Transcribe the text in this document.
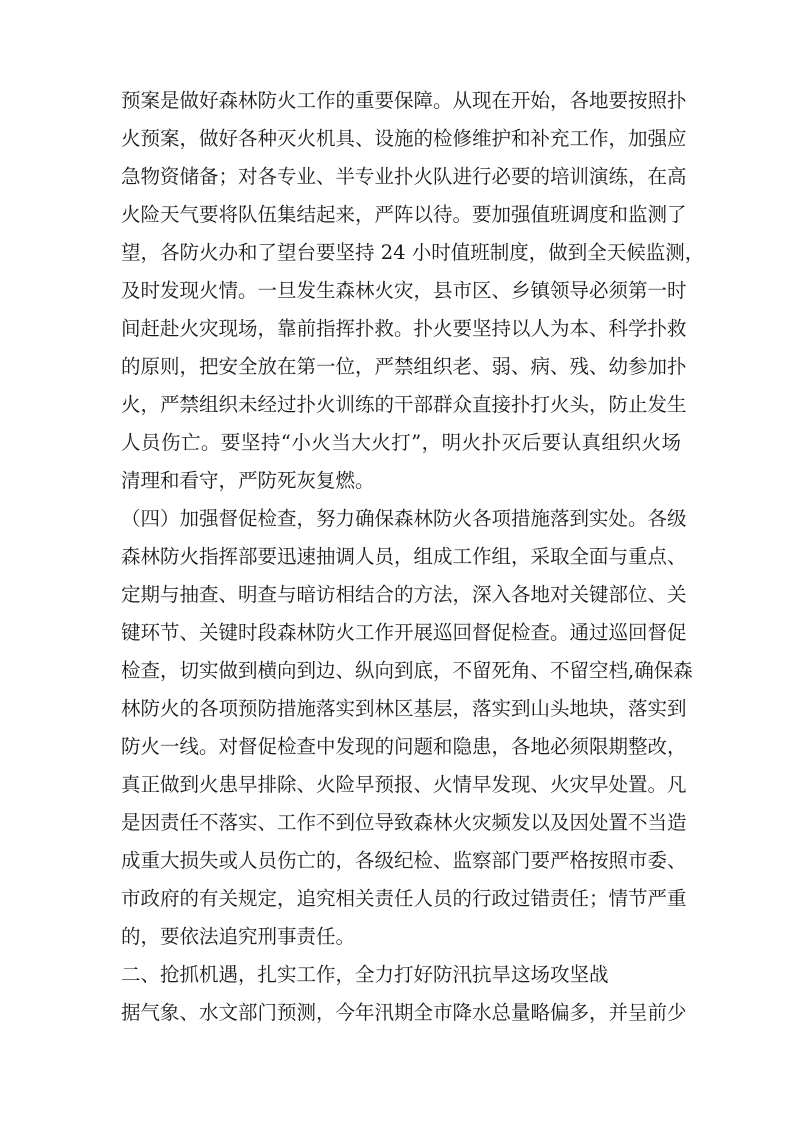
预案是做好森林防火工作的重要保障。从现在开始，各地要按照扑
火预案，做好各种灭火机具、设施的检修维护和补充工作，加强应
急物资储备；对各专业、半专业扑火队进行必要的培训演练，在高
火险天气要将队伍集结起来，严阵以待。要加强值班调度和监测了
望，各防火办和了望台要坚持 24 小时值班制度，做到全天候监测，
及时发现火情。一旦发生森林火灾，县市区、乡镇领导必须第一时
间赶赴火灾现场，靠前指挥扑救。扑火要坚持以人为本、科学扑救
的原则，把安全放在第一位，严禁组织老、弱、病、残、幼参加扑
火，严禁组织未经过扑火训练的干部群众直接扑打火头，防止发生
人员伤亡。要坚持“小火当大火打”，明火扑灭后要认真组织火场
清理和看守，严防死灰复燃。
（四）加强督促检查，努力确保森林防火各项措施落到实处。各级
森林防火指挥部要迅速抽调人员，组成工作组，采取全面与重点、
定期与抽查、明查与暗访相结合的方法，深入各地对关键部位、关
键环节、关键时段森林防火工作开展巡回督促检查。通过巡回督促
检查，切实做到横向到边、纵向到底，不留死角、不留空档,确保森
林防火的各项预防措施落实到林区基层，落实到山头地块，落实到
防火一线。对督促检查中发现的问题和隐患，各地必须限期整改，
真正做到火患早排除、火险早预报、火情早发现、火灾早处置。凡
是因责任不落实、工作不到位导致森林火灾频发以及因处置不当造
成重大损失或人员伤亡的，各级纪检、监察部门要严格按照市委、
市政府的有关规定，追究相关责任人员的行政过错责任；情节严重
的，要依法追究刑事责任。
二、抢抓机遇，扎实工作，全力打好防汛抗旱这场攻坚战
据气象、水文部门预测，今年汛期全市降水总量略偏多，并呈前少
